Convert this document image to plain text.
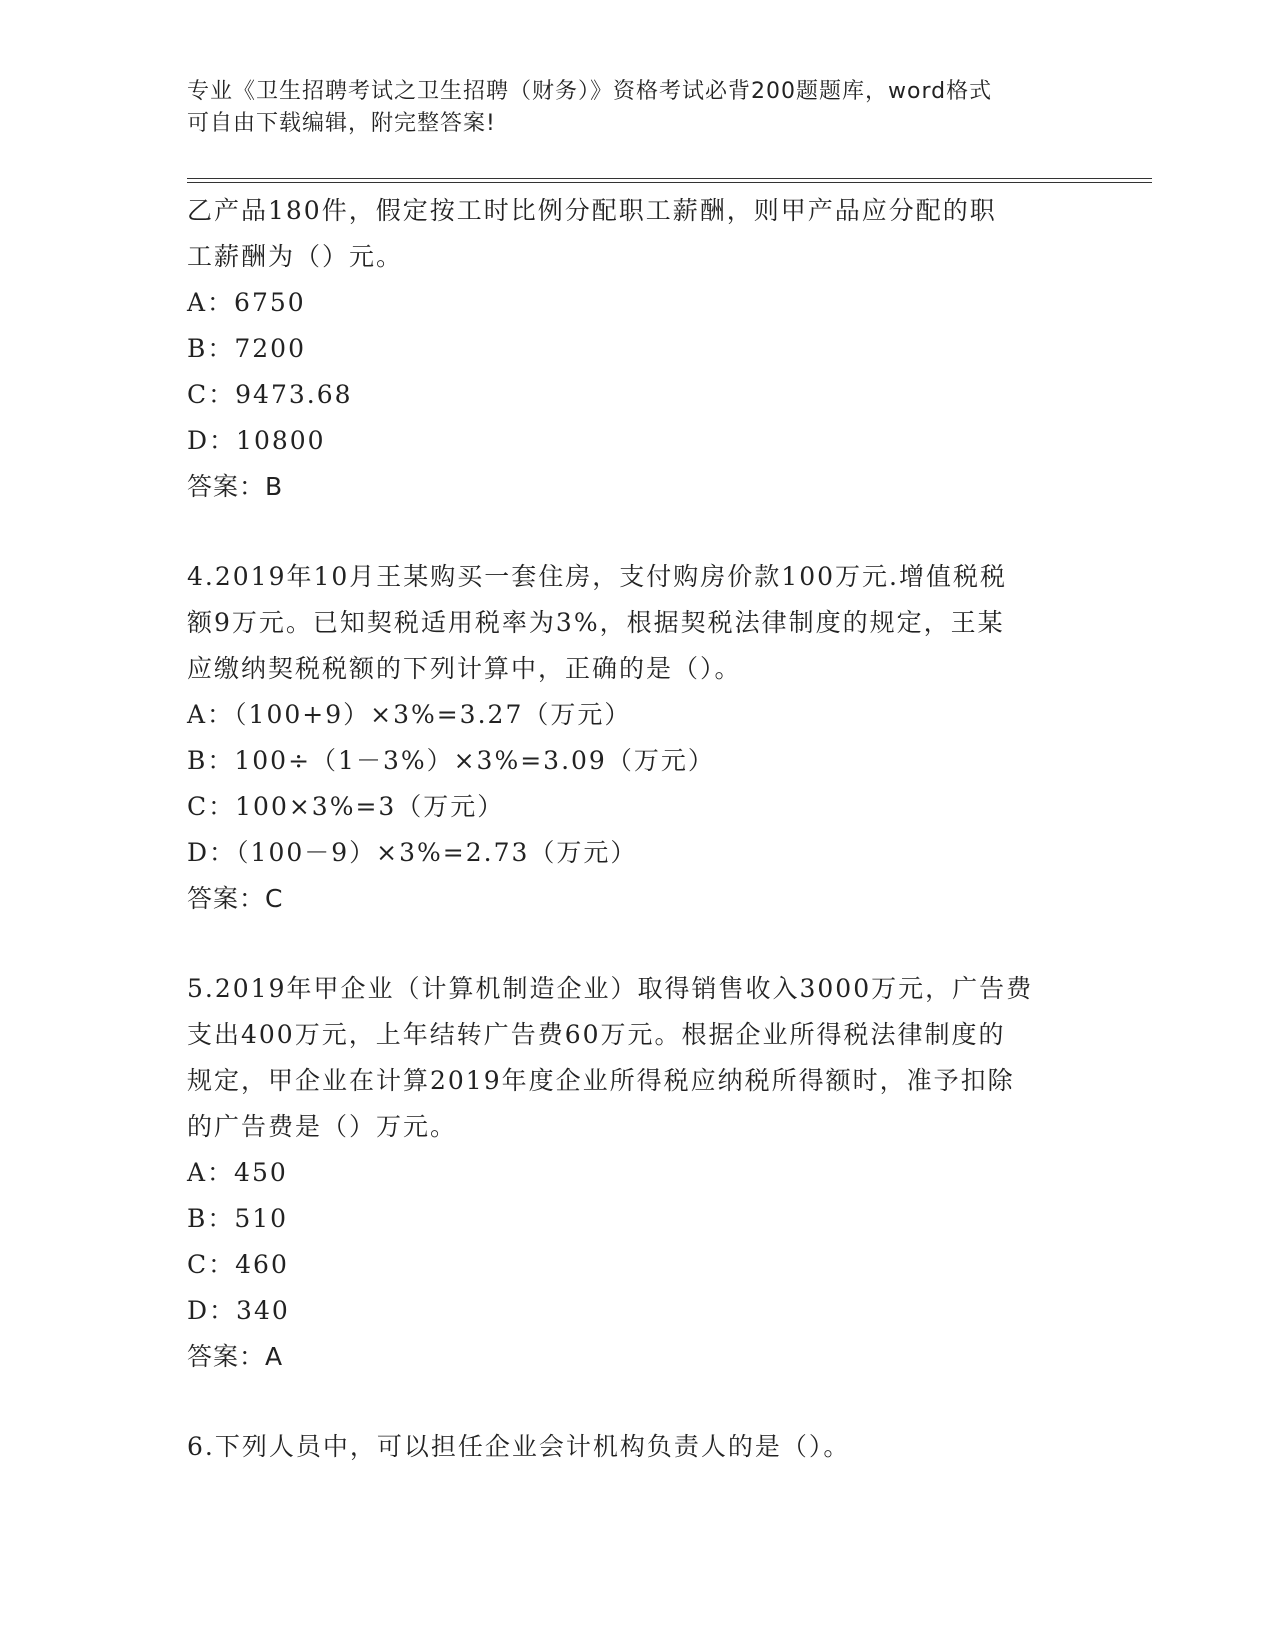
专业《卫生招聘考试之卫生招聘（财务）》资格考试必背200题题库，word格式
可自由下载编辑，附完整答案!
乙产品180件，假定按工时比例分配职工薪酬，则甲产品应分配的职
工薪酬为（）元。
A：6750
B：7200
C：9473.68
D：10800
答案：B
4.2019年10月王某购买一套住房，支付购房价款100万元.增值税税
额9万元。已知契税适用税率为3%，根据契税法律制度的规定，王某
应缴纳契税税额的下列计算中，正确的是（）。
A：（100+9）×3%=3.27（万元）
B：100÷（1－3%）×3%=3.09（万元）
C：100×3%=3（万元）
D：（100－9）×3%=2.73（万元）
答案：C
5.2019年甲企业（计算机制造企业）取得销售收入3000万元，广告费
支出400万元，上年结转广告费60万元。根据企业所得税法律制度的
规定，甲企业在计算2019年度企业所得税应纳税所得额时，准予扣除
的广告费是（）万元。
A：450
B：510
C：460
D：340
答案：A
6.下列人员中，可以担任企业会计机构负责人的是（）。
